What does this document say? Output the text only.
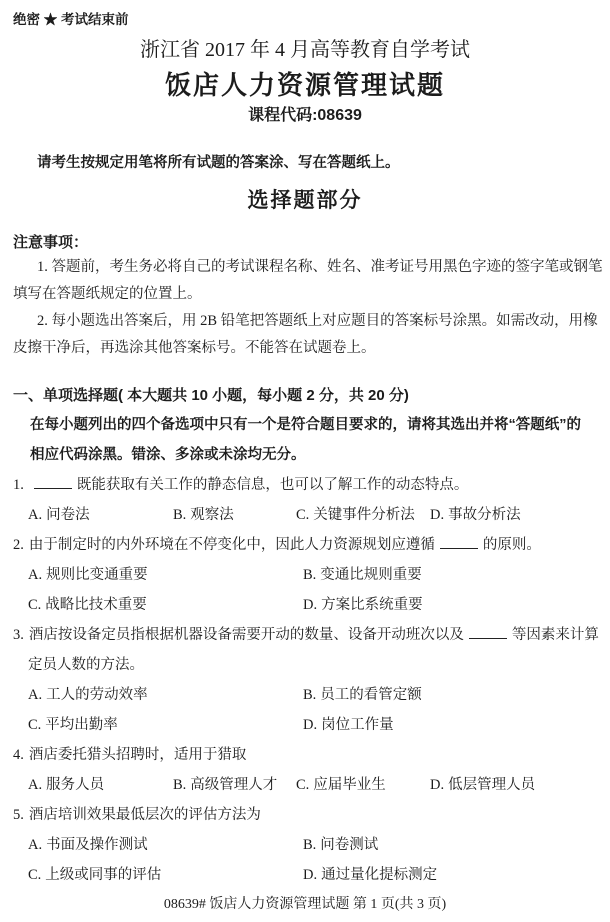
绝密 ★ 考试结束前
浙江省 2017 年 4 月高等教育自学考试
饭店人力资源管理试题
课程代码:08639
请考生按规定用笔将所有试题的答案涂、写在答题纸上。
选择题部分
注意事项：
1. 答题前，考生务必将自己的考试课程名称、姓名、准考证号用黑色字迹的签字笔或钢笔
填写在答题纸规定的位置上。
2. 每小题选出答案后，用 2B 铅笔把答题纸上对应题目的答案标号涂黑。如需改动，用橡
皮擦干净后，再选涂其他答案标号。不能答在试题卷上。
一、单项选择题( 本大题共 10 小题，每小题 2 分，共 20 分)
在每小题列出的四个备选项中只有一个是符合题目要求的，请将其选出并将“答题纸”的
相应代码涂黑。错涂、多涂或未涂均无分。
1.	既能获取有关工作的静态信息，也可以了解工作的动态特点。
A. 问卷法	B. 观察法	C. 关键事件分析法 D. 事故分析法
2. 由于制定时的内外环境在不停变化中，因此人力资源规划应遵循	的原则。
A. 规则比变通重要	B. 变通比规则重要
C. 战略比技术重要	D. 方案比系统重要
3. 酒店按设备定员指根据机器设备需要开动的数量、设备开动班次以及	等因素来计算
定员人数的方法。
A. 工人的劳动效率	B. 员工的看管定额
C. 平均出勤率	D. 岗位工作量
4. 酒店委托猎头招聘时，适用于猎取
A. 服务人员	B. 高级管理人才 C. 应届毕业生	D. 低层管理人员
5. 酒店培训效果最低层次的评估方法为
A. 书面及操作测试	B. 问卷测试
C. 上级或同事的评估	D. 通过量化提标测定
08639# 饭店人力资源管理试题 第 1 页(共 3 页)
